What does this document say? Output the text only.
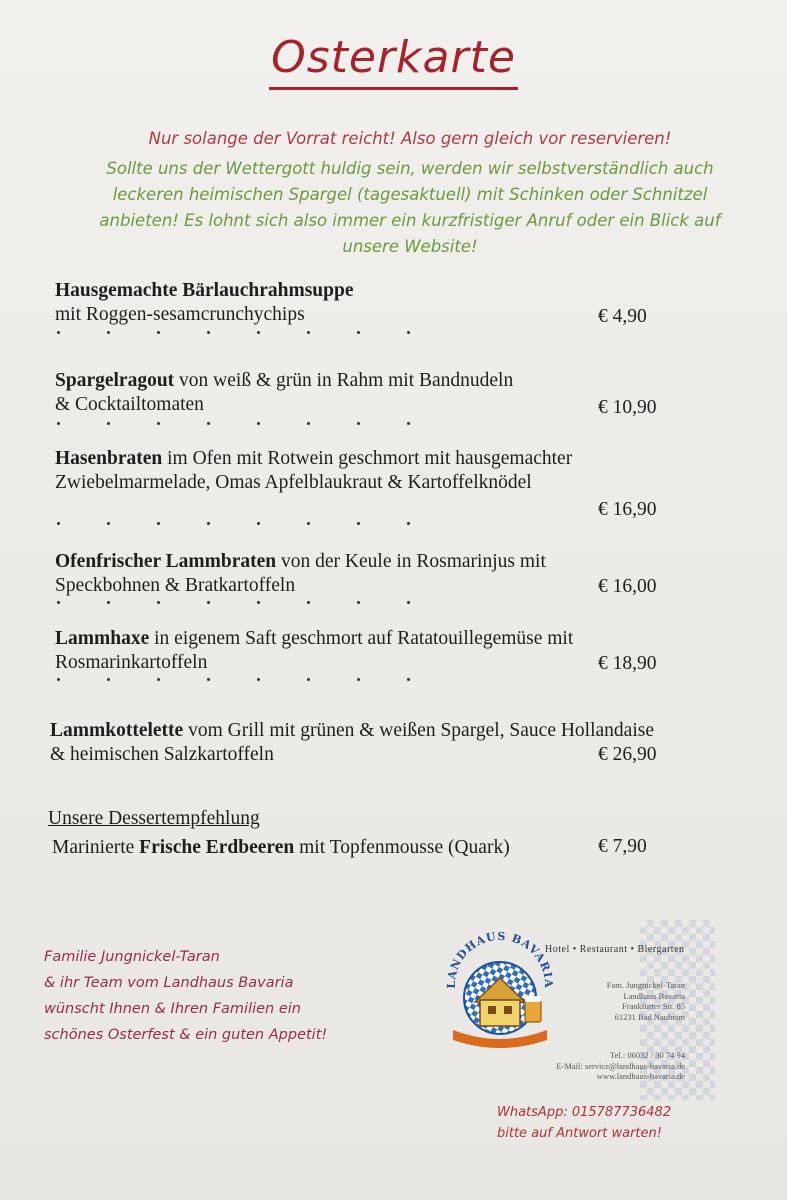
Osterkarte
Nur solange der Vorrat reicht! Also gern gleich vor reservieren!
Sollte uns der Wettergott huldig sein, werden wir selbstverständlich auch
leckeren heimischen Spargel (tagesaktuell) mit Schinken oder Schnitzel
anbieten! Es lohnt sich also immer ein kurzfristiger Anruf oder ein Blick auf
unsere Website!
Hausgemachte Bärlauchrahmsuppe
mit Roggen-sesamcrunchychips	€ 4,90
Spargelragout von weiß & grün in Rahm mit Bandnudeln
& Cocktailtomaten	€ 10,90
Hasenbraten im Ofen mit Rotwein geschmort mit hausgemachter
Zwiebelmarmelade, Omas Apfelblaukraut & Kartoffelknödel
€ 16,90
Ofenfrischer Lammbraten von der Keule in Rosmarinjus mit
Speckbohnen & Bratkartoffeln	€ 16,00
Lammhaxe in eigenem Saft geschmort auf Ratatouillegemüse mit
Rosmarinkartoffeln	€ 18,90
Lammkottelette vom Grill mit grünen & weißen Spargel, Sauce Hollandaise
& heimischen Salzkartoffeln	€ 26,90
Unsere Dessertempfehlung
Marinierte Frische Erdbeeren mit Topfenmousse (Quark)	€ 7,90
Familie Jungnickel-Taran
& ihr Team vom Landhaus Bavaria
wünscht Ihnen & Ihren Familien ein
schönes Osterfest & ein guten Appetit!
LANDHAUS BAVARIA
Hotel • Restaurant • Biergarten
Fam. Jungnickel-Taran
Landhaus Bavaria
Frankfurter Str. 85
61231 Bad Nauheim
Tel.: 06032 / 30 74 94
E-Mail: service@landhaus-bavaria.de
www.landhaus-bavaria.de
WhatsApp: 015787736482
bitte auf Antwort warten!
